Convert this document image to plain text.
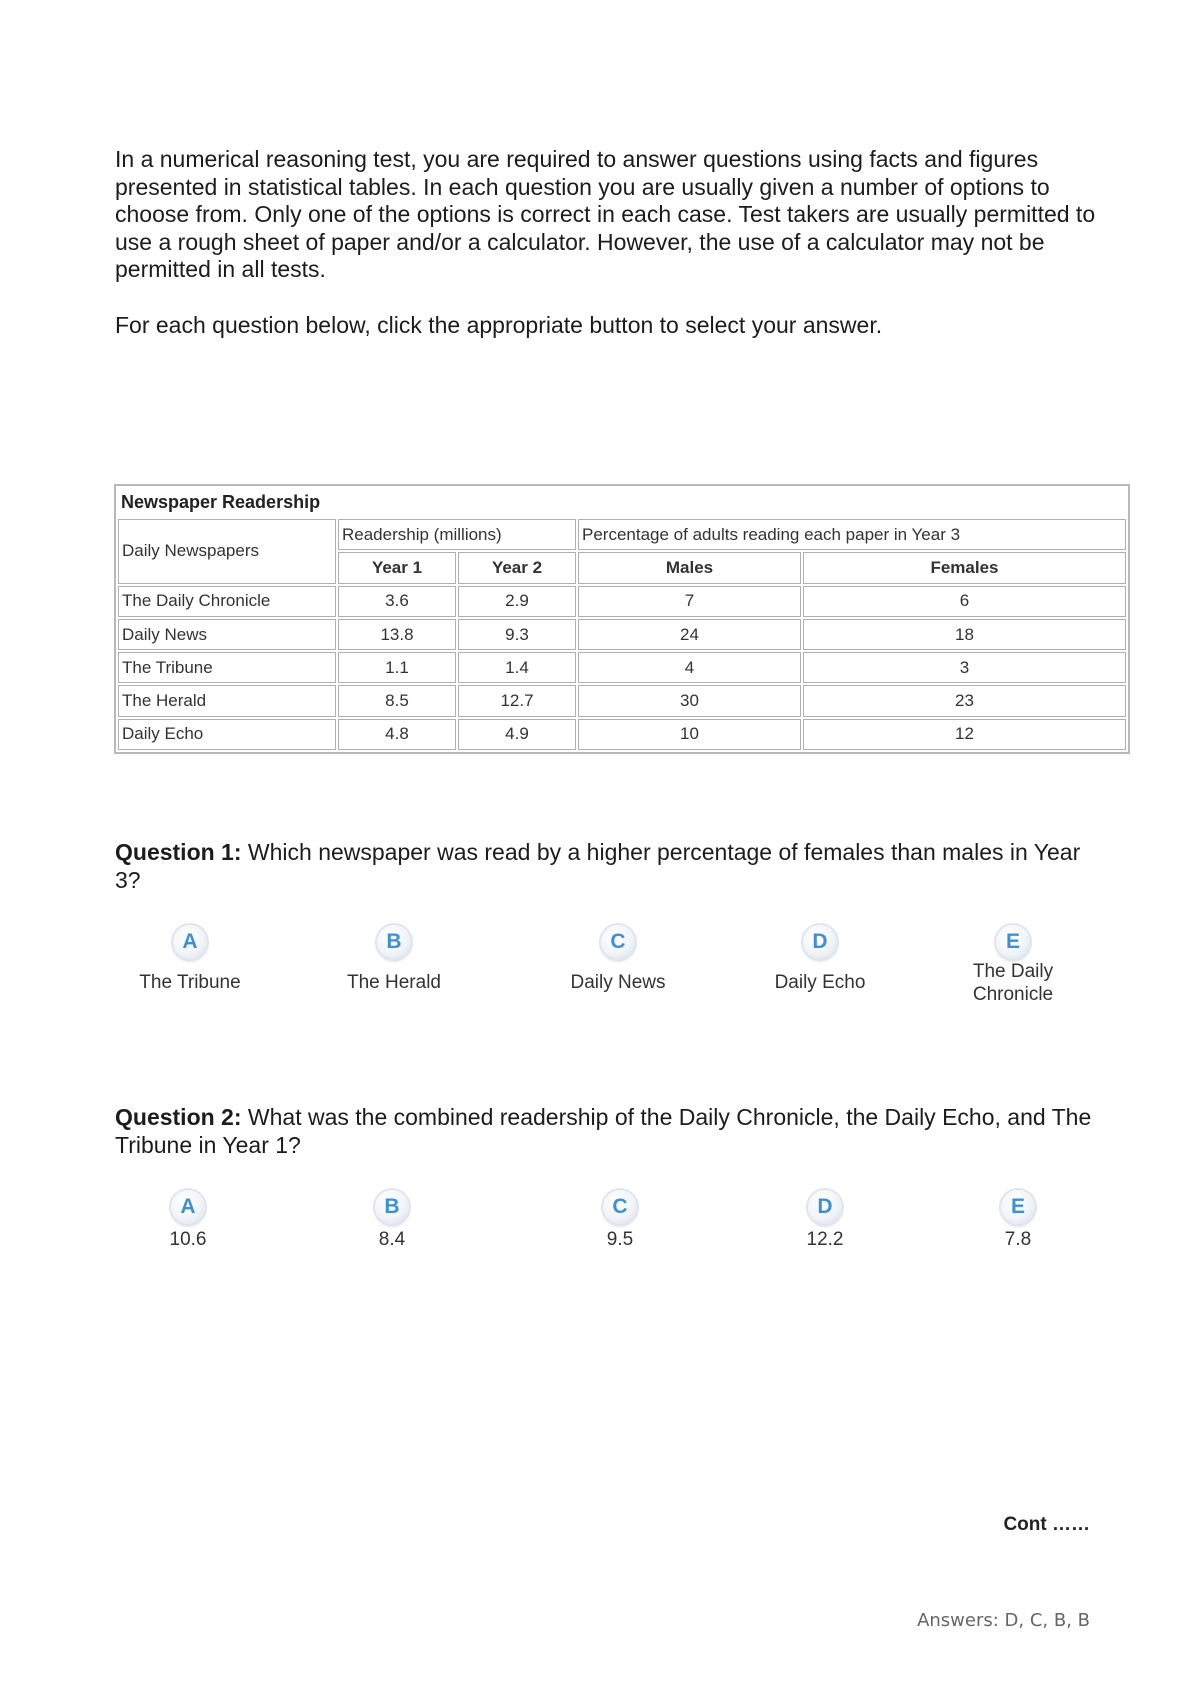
In a numerical reasoning test, you are required to answer questions using facts and figures presented in statistical tables. In each question you are usually given a number of options to choose from. Only one of the options is correct in each case. Test takers are usually permitted to use a rough sheet of paper and/or a calculator. However, the use of a calculator may not be permitted in all tests.

For each question below, click the appropriate button to select your answer.

Newspaper Readership				
Daily Newspapers	Readership (millions)		Percentage of adults reading each paper in Year 3	
	Year 1	Year 2	Males	Females
The Daily Chronicle	3.6	2.9	7	6
Daily News	13.8	9.3	24	18
The Tribune	1.1	1.4	4	3
The Herald	8.5	12.7	30	23
Daily Echo	4.8	4.9	10	12
Question 1: Which newspaper was read by a higher percentage of females than males in Year 3?
A
The Tribune
B
The Herald
C
Daily News
D
Daily Echo
E
The Daily Chronicle
Question 2: What was the combined readership of the Daily Chronicle, the Daily Echo, and The Tribune in Year 1?
A
10.6
B
8.4
C
9.5
D
12.2
E
7.8
Cont ……
Answers: D, C, B, B
